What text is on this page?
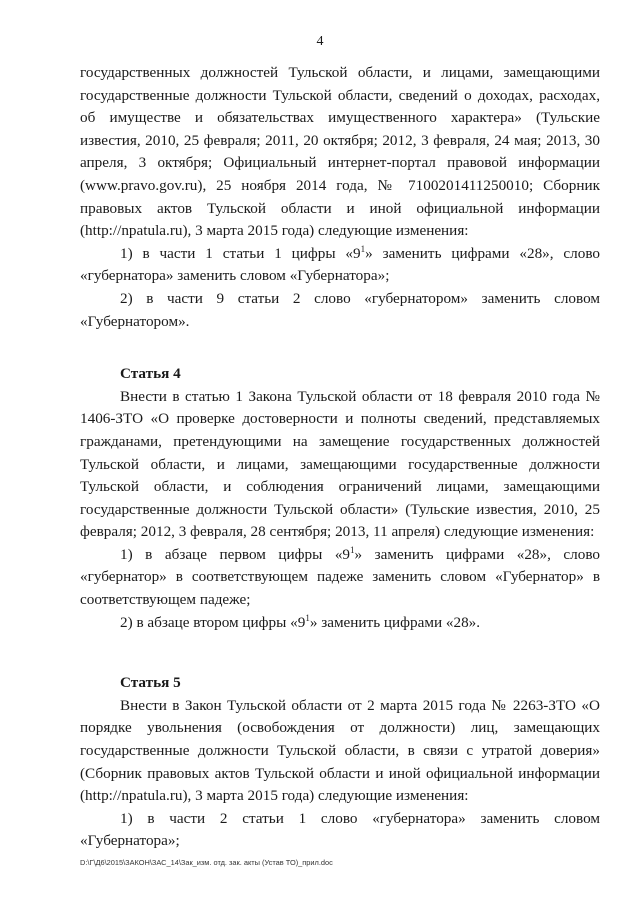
4

государственных должностей Тульской области, и лицами, замещающими государственные должности Тульской области, сведений о доходах, расходах, об имуществе и обязательствах имущественного характера» (Тульские известия, 2010, 25 февраля; 2011, 20 октября; 2012, 3 февраля, 24 мая; 2013, 30 апреля, 3 октября; Официальный интернет-портал правовой информации (www.pravo.gov.ru), 25 ноября 2014 года, № 7100201411250010; Сборник правовых актов Тульской области и иной официальной информации (http://npatula.ru), 3 марта 2015 года) следующие изменения:

1) в части 1 статьи 1 цифры «$9^1$» заменить цифрами «28», слово «губернатора» заменить словом «Губернатора»;

2) в части 9 статьи 2 слово «губернатором» заменить словом «Губернатором».

Статья 4

Внести в статью 1 Закона Тульской области от 18 февраля 2010 года № 1406-ЗТО «О проверке достоверности и полноты сведений, представляемых гражданами, претендующими на замещение государственных должностей Тульской области, и лицами, замещающими государственные должности Тульской области, и соблюдения ограничений лицами, замещающими государственные должности Тульской области» (Тульские известия, 2010, 25 февраля; 2012, 3 февраля, 28 сентября; 2013, 11 апреля) следующие изменения:

1) в абзаце первом цифры «$9^1$» заменить цифрами «28», слово «губернатор» в соответствующем падеже заменить словом «Губернатор» в соответствующем падеже;

2) в абзаце втором цифры «$9^1$» заменить цифрами «28».

Статья 5

Внести в Закон Тульской области от 2 марта 2015 года № 2263-ЗТО «О порядке увольнения (освобождения от должности) лиц, замещающих государственные должности Тульской области, в связи с утратой доверия» (Сборник правовых актов Тульской области и иной официальной информации (http://npatula.ru), 3 марта 2015 года) следующие изменения:

1) в части 2 статьи 1 слово «губернатора» заменить словом «Губернатора»;

D:\Г\Д6\2015\ЗАКОН\ЗАС_14\Зак_изм. отд. зак. акты (Устав ТО)_прил.doc
